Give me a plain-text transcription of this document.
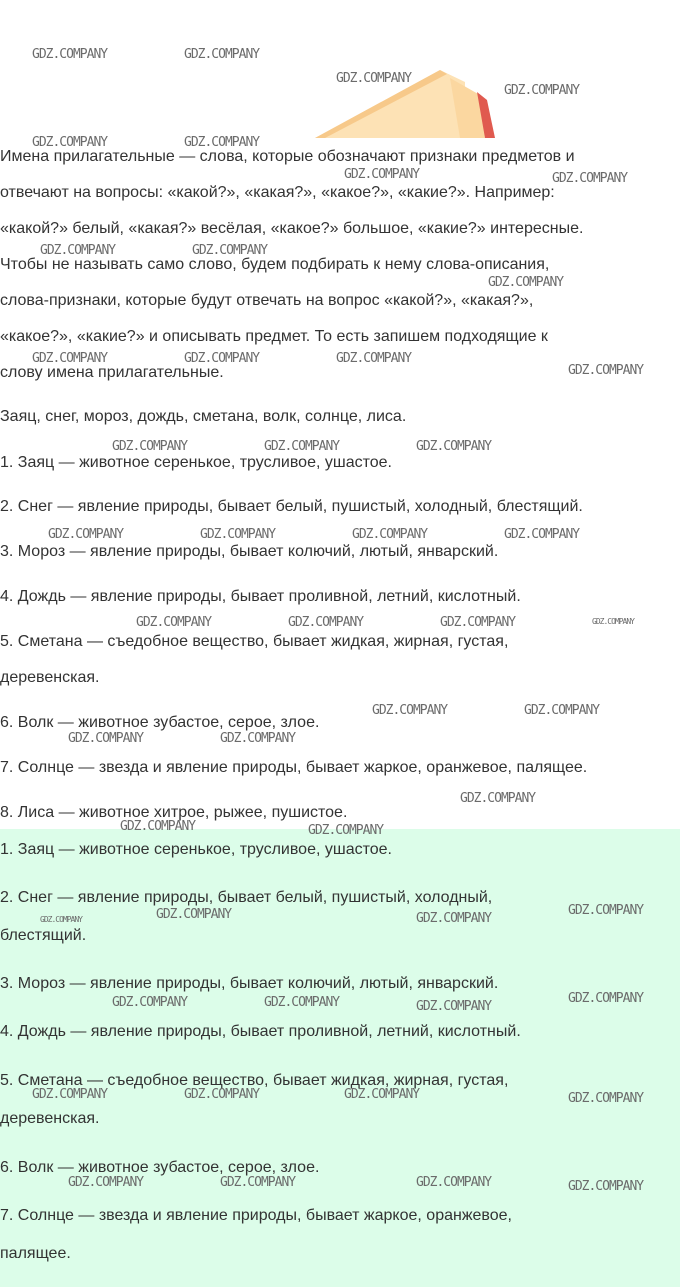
Имена прилагательные — слова, которые обозначают признаки предметов и
отвечают на вопросы: «какой?», «какая?», «какое?», «какие?». Например:
«какой?» белый, «какая?» весёлая, «какое?» большое, «какие?» интересные.
Чтобы не называть само слово, будем подбирать к нему слова-описания,
слова-признаки, которые будут отвечать на вопрос «какой?», «какая?»,
«какое?», «какие?» и описывать предмет. То есть запишем подходящие к
слову имена прилагательные.
Заяц, снег, мороз, дождь, сметана, волк, солнце, лиса.
1. Заяц — животное серенькое, трусливое, ушастое.
2. Снег — явление природы, бывает белый, пушистый, холодный, блестящий.
3. Мороз — явление природы, бывает колючий, лютый, январский.
4. Дождь — явление природы, бывает проливной, летний, кислотный.
5. Сметана — съедобное вещество, бывает жидкая, жирная, густая,
деревенская.
6. Волк — животное зубастое, серое, злое.
7. Солнце — звезда и явление природы, бывает жаркое, оранжевое, палящее.
8. Лиса — животное хитрое, рыжее, пушистое.
1. Заяц — животное серенькое, трусливое, ушастое.
2. Снег — явление природы, бывает белый, пушистый, холодный,
блестящий.
3. Мороз — явление природы, бывает колючий, лютый, январский.
4. Дождь — явление природы, бывает проливной, летний, кислотный.
5. Сметана — съедобное вещество, бывает жидкая, жирная, густая,
деревенская.
6. Волк — животное зубастое, серое, злое.
7. Солнце — звезда и явление природы, бывает жаркое, оранжевое,
палящее.
GDZ.COMPANY	GDZ.COMPANY
GDZ.COMPANY
GDZ.COMPANY
GDZ.COMPANY	GDZ.COMPANY
GDZ.COMPANY	GDZ.COMPANY
GDZ.COMPANY	GDZ.COMPANY
GDZ.COMPANY
GDZ.COMPANY	GDZ.COMPANY	GDZ.COMPANY
GDZ.COMPANY
GDZ.COMPANY	GDZ.COMPANY	GDZ.COMPANY
GDZ.COMPANY	GDZ.COMPANY	GDZ.COMPANY	GDZ.COMPANY
GDZ.COMPANY	GDZ.COMPANY	GDZ.COMPANY	GDZ.COMPANY
GDZ.COMPANY	GDZ.COMPANY
GDZ.COMPANY	GDZ.COMPANY
GDZ.COMPANY
GDZ.COMPANY	GDZ.COMPANY
GDZ.COMPANY	GDZ.COMPANY	GDZ.COMPANY
GDZ.COMPANY
GDZ.COMPANY	GDZ.COMPANY	GDZ.COMPANY
GDZ.COMPANY
GDZ.COMPANY	GDZ.COMPANY	GDZ.COMPANY	GDZ.COMPANY
GDZ.COMPANY	GDZ.COMPANY	GDZ.COMPANY	GDZ.COMPANY
